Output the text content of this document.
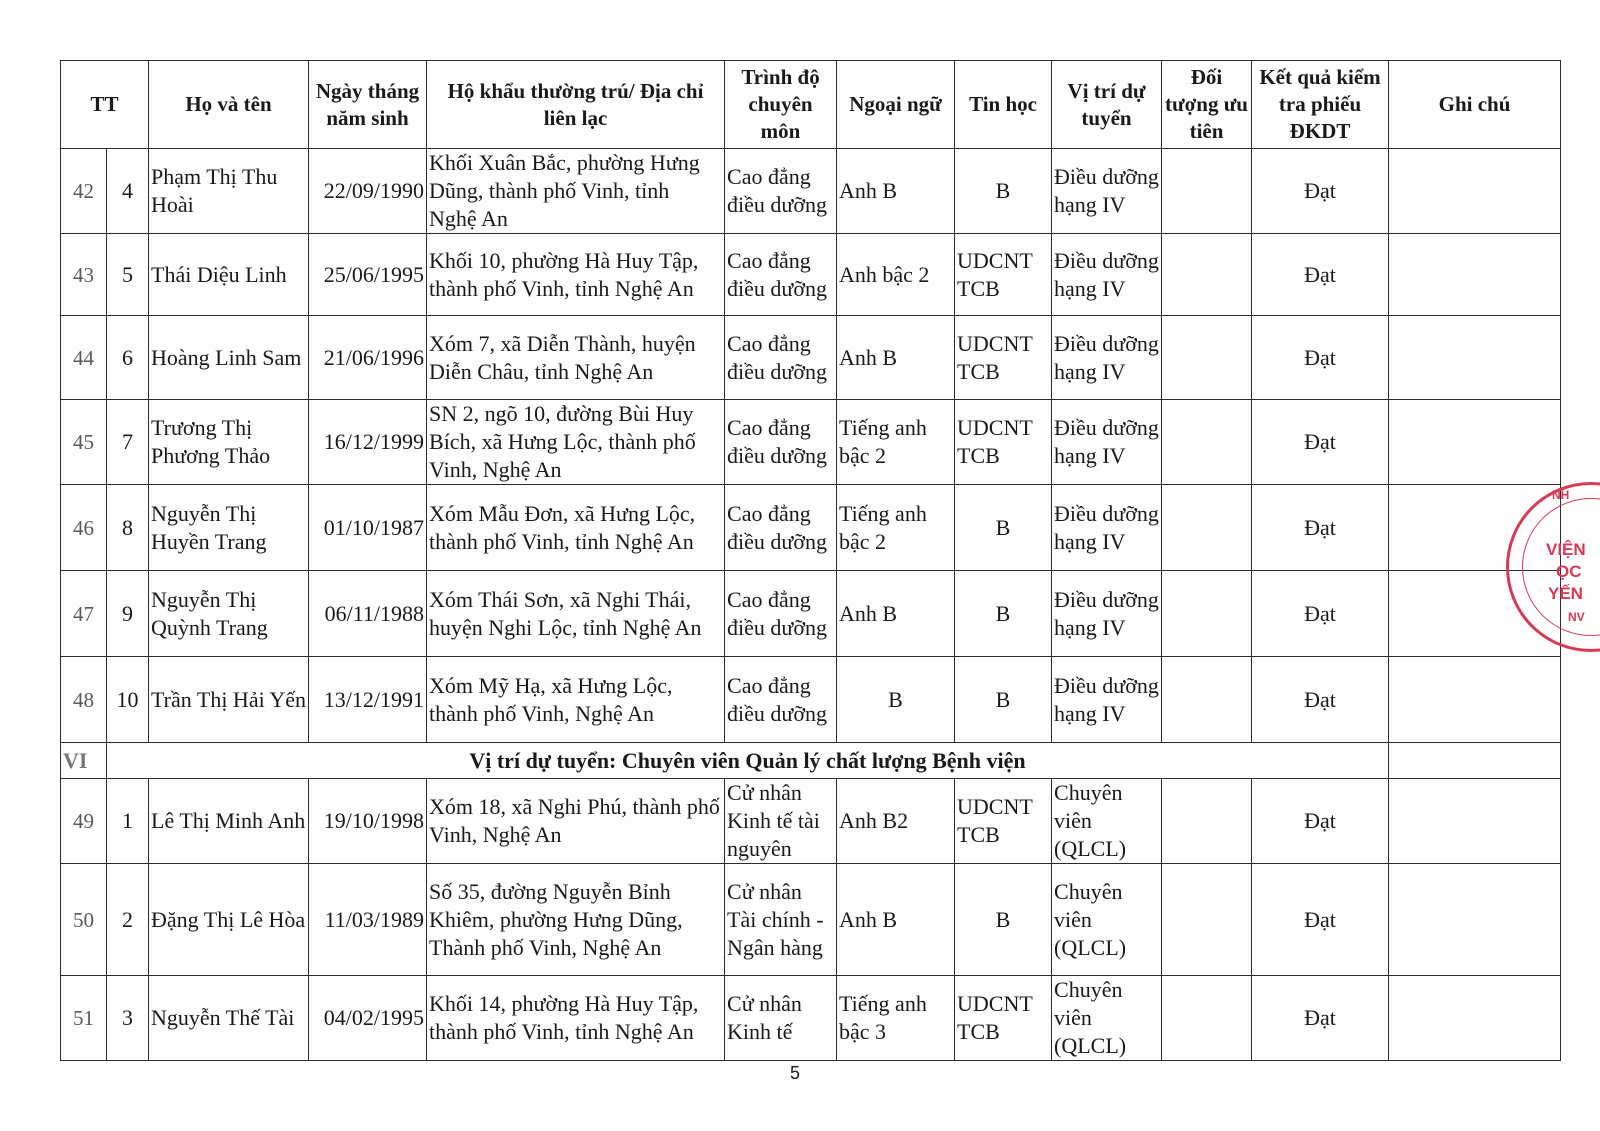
TT		Họ và tên	Ngày tháng năm sinh	Hộ khẩu thường trú/ Địa chỉ liên lạc	Trình độ chuyên môn	Ngoại ngữ	Tin học	Vị trí dự tuyển	Đối tượng ưu tiên	Kết quả kiểm tra phiếu ĐKDT	Ghi chú
42	4	Phạm Thị Thu Hoài	22/09/1990	Khối Xuân Bắc, phường Hưng Dũng, thành phố Vinh, tỉnh Nghệ An	Cao đẳng điều dưỡng	Anh B	B	Điều dưỡng hạng IV		Đạt	
43	5	Thái Diệu Linh	25/06/1995	Khối 10, phường Hà Huy Tập, thành phố Vinh, tỉnh Nghệ An	Cao đẳng điều dưỡng	Anh bậc 2	UDCNT TCB	Điều dưỡng hạng IV		Đạt	
44	6	Hoàng Linh Sam	21/06/1996	Xóm 7, xã Diễn Thành, huyện Diễn Châu, tỉnh Nghệ An	Cao đẳng điều dưỡng	Anh B	UDCNT TCB	Điều dưỡng hạng IV		Đạt	
45	7	Trương Thị Phương Thảo	16/12/1999	SN 2, ngõ 10, đường Bùi Huy Bích, xã Hưng Lộc, thành phố Vinh, Nghệ An	Cao đẳng điều dưỡng	Tiếng anh bậc 2	UDCNT TCB	Điều dưỡng hạng IV		Đạt	
46	8	Nguyễn Thị Huyền Trang	01/10/1987	Xóm Mẫu Đơn, xã Hưng Lộc, thành phố Vinh, tỉnh Nghệ An	Cao đẳng điều dưỡng	Tiếng anh bậc 2	B	Điều dưỡng hạng IV		Đạt	
47	9	Nguyễn Thị Quỳnh Trang	06/11/1988	Xóm Thái Sơn, xã Nghi Thái, huyện Nghi Lộc, tỉnh Nghệ An	Cao đẳng điều dưỡng	Anh B	B	Điều dưỡng hạng IV		Đạt	
48	10	Trần Thị Hải Yến	13/12/1991	Xóm Mỹ Hạ, xã Hưng Lộc, thành phố Vinh, Nghệ An	Cao đẳng điều dưỡng	B	B	Điều dưỡng hạng IV		Đạt	
VI	Vị trí dự tuyển: Chuyên viên Quản lý chất lượng Bệnh viện										
49	1	Lê Thị Minh Anh	19/10/1998	Xóm 18, xã Nghi Phú, thành phố Vinh, Nghệ An	Cử nhân Kinh tế tài nguyên	Anh B2	UDCNT TCB	Chuyên viên (QLCL)		Đạt	
50	2	Đặng Thị Lê Hòa	11/03/1989	Số 35, đường Nguyễn Bỉnh Khiêm, phường Hưng Dũng, Thành phố Vinh, Nghệ An	Cử nhân Tài chính - Ngân hàng	Anh B	B	Chuyên viên (QLCL)		Đạt	
51	3	Nguyễn Thế Tài	04/02/1995	Khối 14, phường Hà Huy Tập, thành phố Vinh, tỉnh Nghệ An	Cử nhân Kinh tế	Tiếng anh bậc 3	UDCNT TCB	Chuyên viên (QLCL)		Đạt	
VIỆN
ỌC
YẾN
NV
NH
5
